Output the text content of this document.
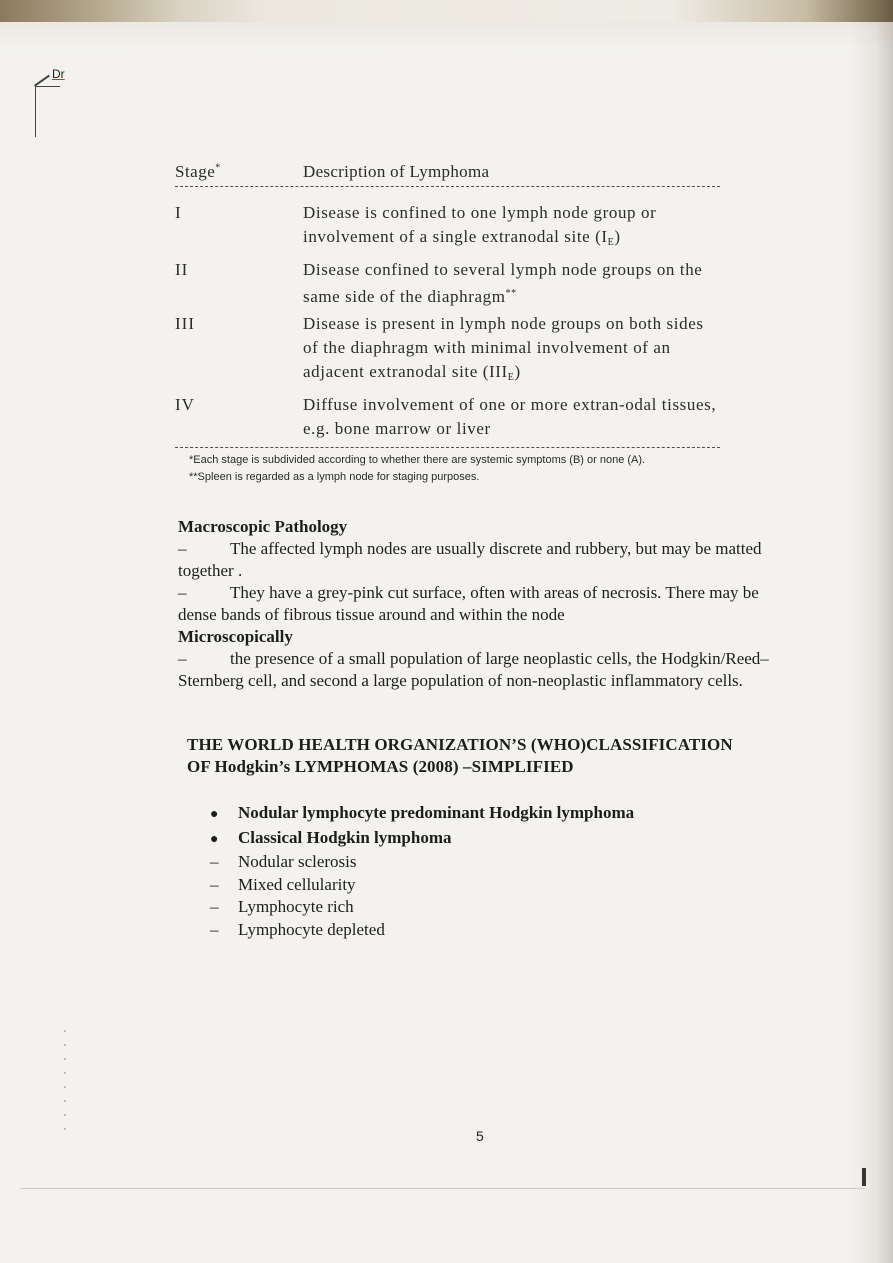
Dr
Stage*	Description of Lymphoma
I	Disease is confined to one lymph node group or involvement of a single extranodal site $(I_E)$
II	Disease confined to several lymph node groups on the same side of the diaphragm**
III	Disease is present in lymph node groups on both sides of the diaphragm with minimal involvement of an adjacent extranodal site $(III_E)$
IV	Diffuse involvement of one or more extran-odal tissues, e.g. bone marrow or liver
*Each stage is subdivided according to whether there are systemic symptoms (B) or none (A).
**Spleen is regarded as a lymph node for staging purposes.
Macroscopic Pathology

–	The affected lymph nodes are usually discrete and rubbery, but may be matted together .

–	They have a grey-pink cut surface, often with areas of necrosis. There may be dense bands of fibrous tissue around and within the node

Microscopically

–	the presence of a small population of large neoplastic cells, the Hodgkin/Reed–Sternberg cell, and second a large population of non-neoplastic inflammatory cells.

THE WORLD HEALTH ORGANIZATION’S (WHO)CLASSIFICATION
OF Hodgkin’s LYMPHOMAS (2008) –SIMPLIFIED
●	Nodular lymphocyte predominant Hodgkin lymphoma
●	Classical Hodgkin lymphoma
–	Nodular sclerosis
–	Mixed cellularity
–	Lymphocyte rich
–	Lymphocyte depleted
5
